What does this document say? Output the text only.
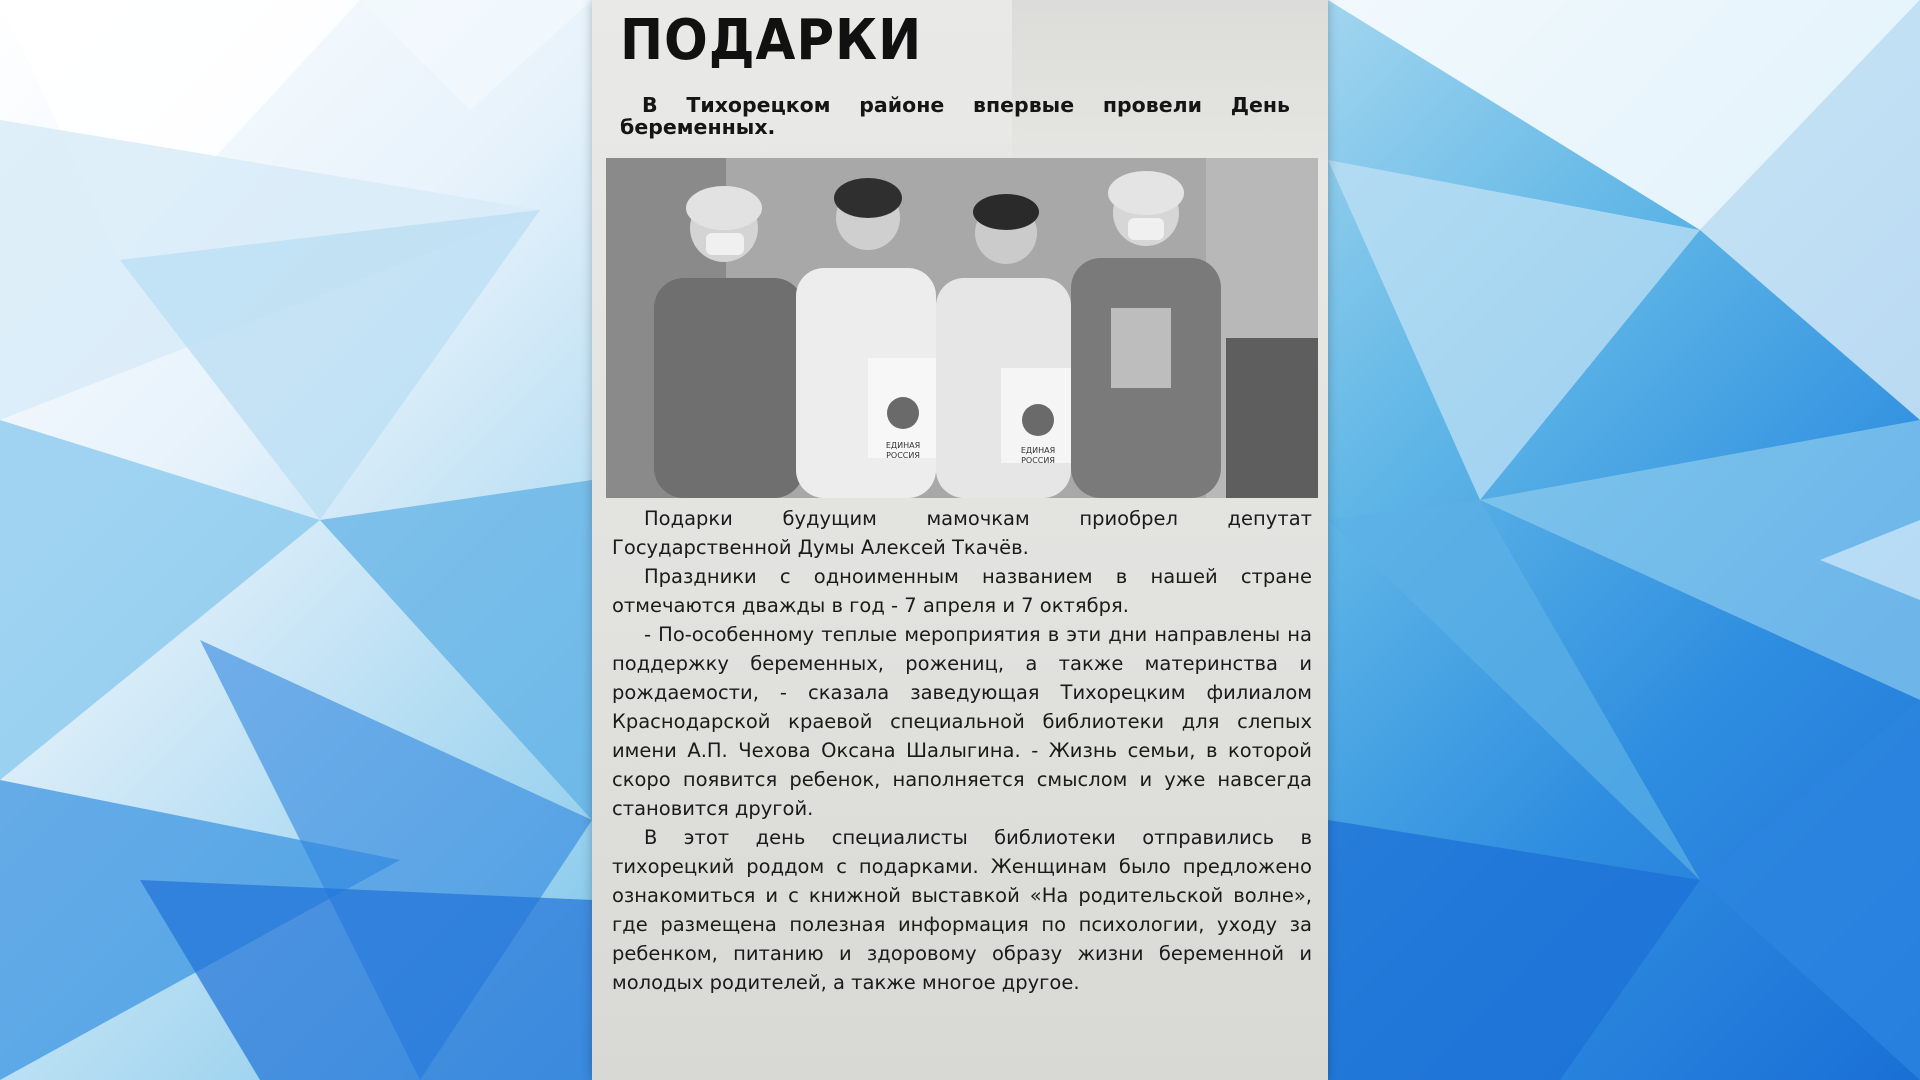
ПОДАРКИ

В Тихорецком районе впервые провели День беременных.

ЕДИНАЯ
РОССИЯ
ЕДИНАЯ
РОССИЯ

Подарки будущим мамочкам приобрел депутат Государственной Думы Алексей Ткачёв.

Праздники с одноименным названием в нашей стране отмечаются дважды в год - 7 апреля и 7 октября.

- По-особенному теплые мероприятия в эти дни направлены на поддержку беременных, рожениц, а также материнства и рождаемости, - сказала заведующая Тихорецким филиалом Краснодарской краевой специальной библиотеки для слепых имени А.П. Чехова Оксана Шалыгина. - Жизнь семьи, в которой скоро появится ребенок, наполняется смыслом и уже навсегда становится другой.

В этот день специалисты библиотеки отправились в тихорецкий роддом с подарками. Женщинам было предложено ознакомиться и с книжной выставкой «На родительской волне», где размещена полезная информация по психологии, уходу за ребенком, питанию и здоровому образу жизни беременной и молодых родителей, а также многое другое.
